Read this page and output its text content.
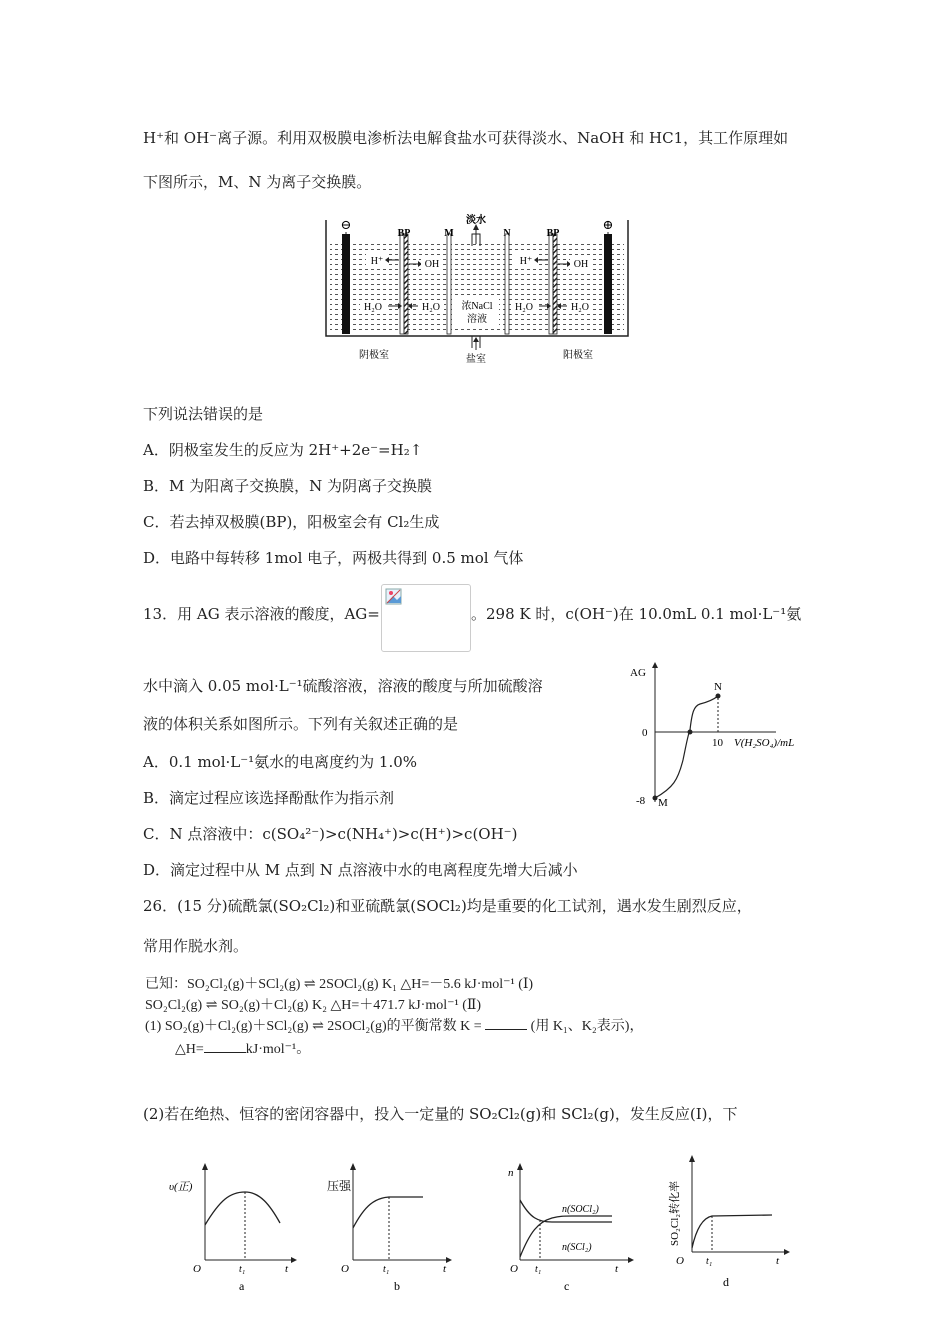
H⁺和 OH⁻离子源。利用双极膜电渗析法电解食盐水可获得淡水、NaOH 和 HC1，其工作原理如
下图所示，M、N 为离子交换膜。
⊖	⊕
BP	M
淡水
N	BP
H⁺	OH	H⁺	OH
H₂O	H₂O 浓NaCl
溶液
H₂O	H₂O
阴极室	盐室	阳极室
下列说法错误的是
A．阴极室发生的反应为 2H⁺+2e⁻=H₂↑
B．M 为阳离子交换膜，N 为阴离子交换膜
C．若去掉双极膜(BP)，阳极室会有 Cl₂生成
D．电路中每转移 1mol 电子，两极共得到 0.5 mol 气体
13．用 AG 表示溶液的酸度，AG=	。298 K 时，c(OH⁻)在 10.0mL 0.1 mol·L⁻¹氨
水中滴入 0.05 mol·L⁻¹硫酸溶液，溶液的酸度与所加硫酸溶
液的体积关系如图所示。下列有关叙述正确的是
A．0.1 mol·L⁻¹氨水的电离度约为 1.0%
B．滴定过程应该选择酚酞作为指示剂
C．N 点溶液中：c(SO₄²⁻)>c(NH₄⁺)>c(H⁺)>c(OH⁻)
D．滴定过程中从 M 点到 N 点溶液中水的电离程度先增大后减小
AG
0
10 V(H₂SO₄)/mL
-8 M
N
26．(15 分)硫酰氯(SO₂Cl₂)和亚硫酰氯(SOCl₂)均是重要的化工试剂，遇水发生剧烈反应，
常用作脱水剂。
已知：SO₂Cl₂(g)＋SCl₂(g) ⇌ 2SOCl₂(g) K₁ △H=－5.6 kJ·mol⁻¹ (Ⅰ)
SO₂Cl₂(g) ⇌ SO₂(g)＋Cl₂(g) K₂ △H=＋471.7 kJ·mol⁻¹ (Ⅱ)
(1) SO₂(g)＋Cl₂(g)＋SCl₂(g) ⇌ 2SOCl₂(g)的平衡常数 K =	(用 K₁、K₂表示)，
△H=	kJ·mol⁻¹。
(2)若在绝热、恒容的密闭容器中，投入一定量的 SO₂Cl₂(g)和 SCl₂(g)，发生反应(I)，下
υ(正)
O	t₁	t
a
压强
O	t₁	t
b
n
n(SOCl₂)
n(SCl₂)
O t₁	t
c
SO₂Cl₂转化率
O t₁	t
d
